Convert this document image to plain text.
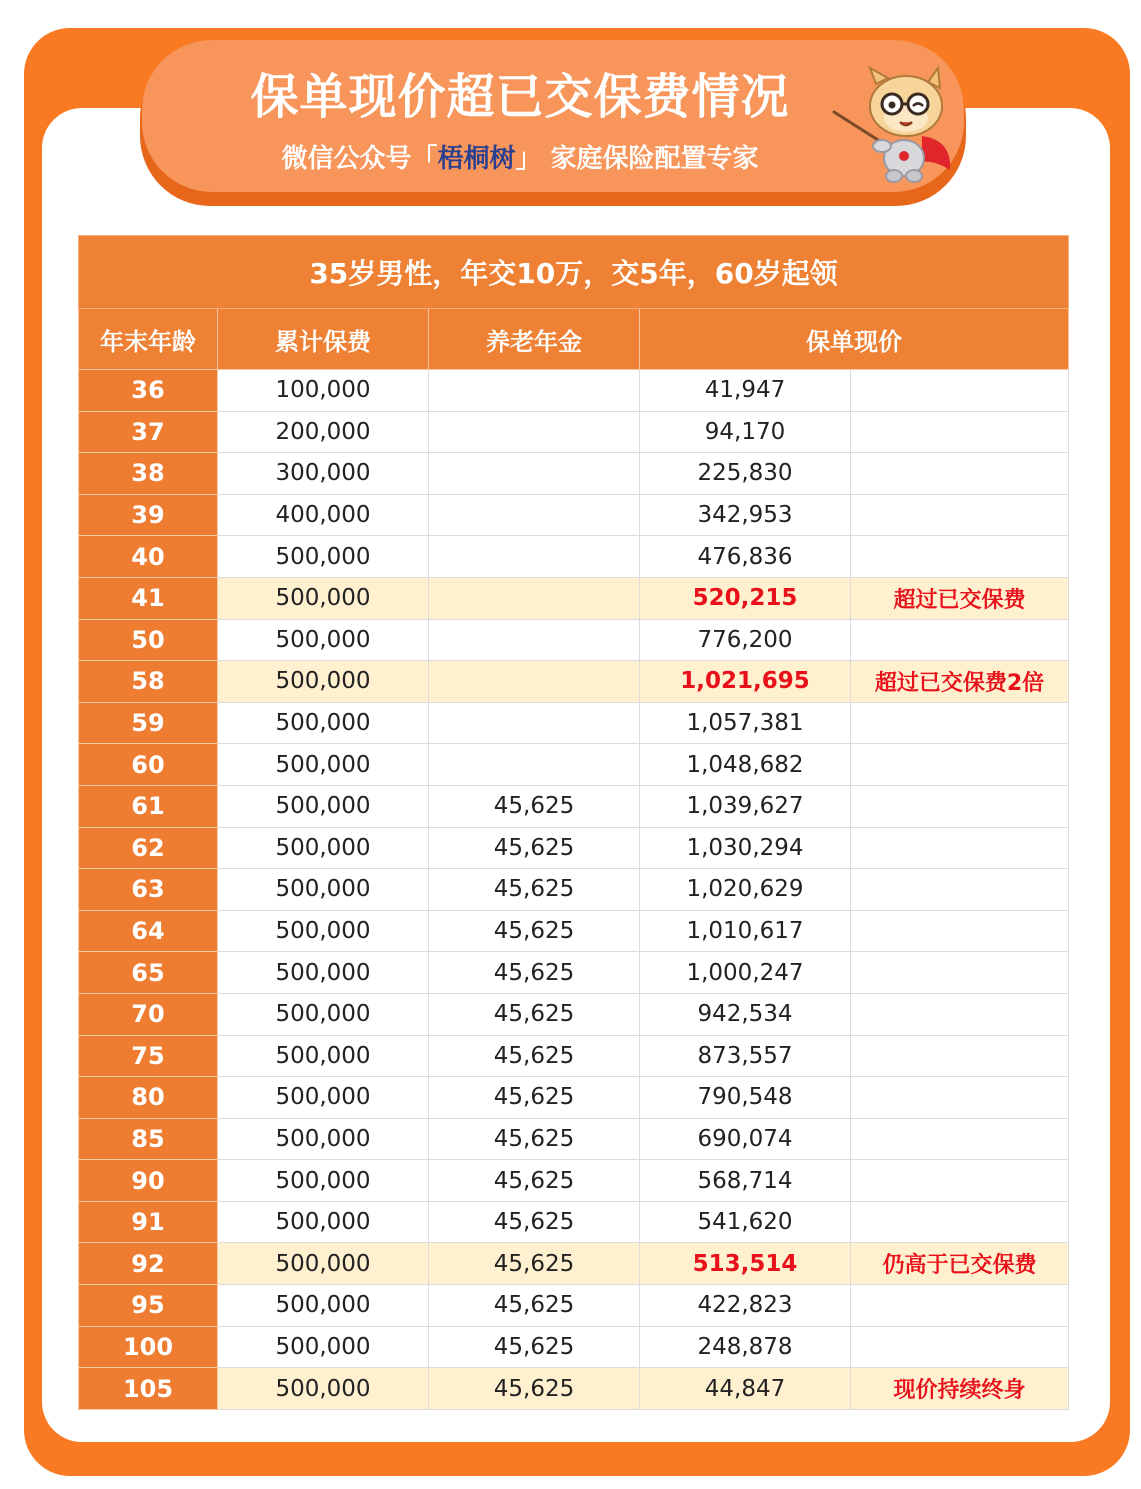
保单现价超已交保费情况
微信公众号「梧桐树」 家庭保险配置专家
35岁男性，年交10万，交5年，60岁起领				
年末年龄	累计保费	养老年金	保单现价	
36	100,000		41,947	
37	200,000		94,170	
38	300,000		225,830	
39	400,000		342,953	
40	500,000		476,836	
41	500,000		520,215	超过已交保费
50	500,000		776,200	
58	500,000		1,021,695	超过已交保费2倍
59	500,000		1,057,381	
60	500,000		1,048,682	
61	500,000	45,625	1,039,627	
62	500,000	45,625	1,030,294	
63	500,000	45,625	1,020,629	
64	500,000	45,625	1,010,617	
65	500,000	45,625	1,000,247	
70	500,000	45,625	942,534	
75	500,000	45,625	873,557	
80	500,000	45,625	790,548	
85	500,000	45,625	690,074	
90	500,000	45,625	568,714	
91	500,000	45,625	541,620	
92	500,000	45,625	513,514	仍高于已交保费
95	500,000	45,625	422,823	
100	500,000	45,625	248,878	
105	500,000	45,625	44,847	现价持续终身
